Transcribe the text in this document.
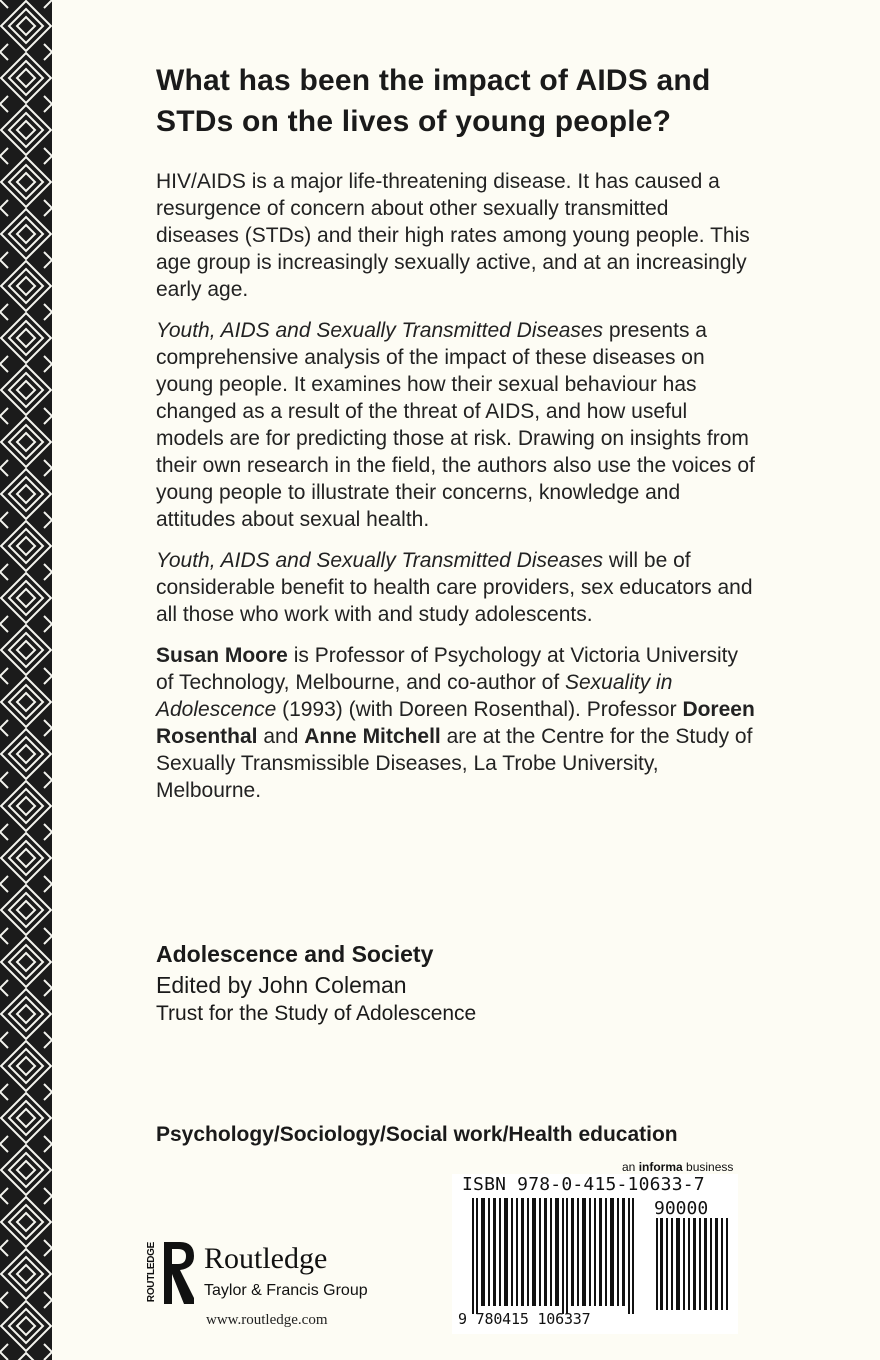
What has been the impact of AIDS and STDs on the lives of young people?

HIV/AIDS is a major life-threatening disease. It has caused a resurgence of concern about other sexually transmitted diseases (STDs) and their high rates among young people. This age group is increasingly sexually active, and at an increasingly early age.

Youth, AIDS and Sexually Transmitted Diseases presents a comprehensive analysis of the impact of these diseases on young people. It examines how their sexual behaviour has changed as a result of the threat of AIDS, and how useful models are for predicting those at risk. Drawing on insights from their own research in the field, the authors also use the voices of young people to illustrate their concerns, knowledge and attitudes about sexual health.

Youth, AIDS and Sexually Transmitted Diseases will be of considerable benefit to health care providers, sex educators and all those who work with and study adolescents.

Susan Moore is Professor of Psychology at Victoria University of Technology, Melbourne, and co-author of Sexuality in Adolescence (1993) (with Doreen Rosenthal). Professor Doreen Rosenthal and Anne Mitchell are at the Centre for the Study of Sexually Transmissible Diseases, La Trobe University, Melbourne.

Adolescence and Society

Edited by John Coleman

Trust for the Study of Adolescence

Psychology/Sociology/Social work/Health education

ROUTLEDGE Routledge
Taylor & Francis Group
www.routledge.com
an informa business
ISBN 978-0-415-10633-7
90000
9 780415 106337
